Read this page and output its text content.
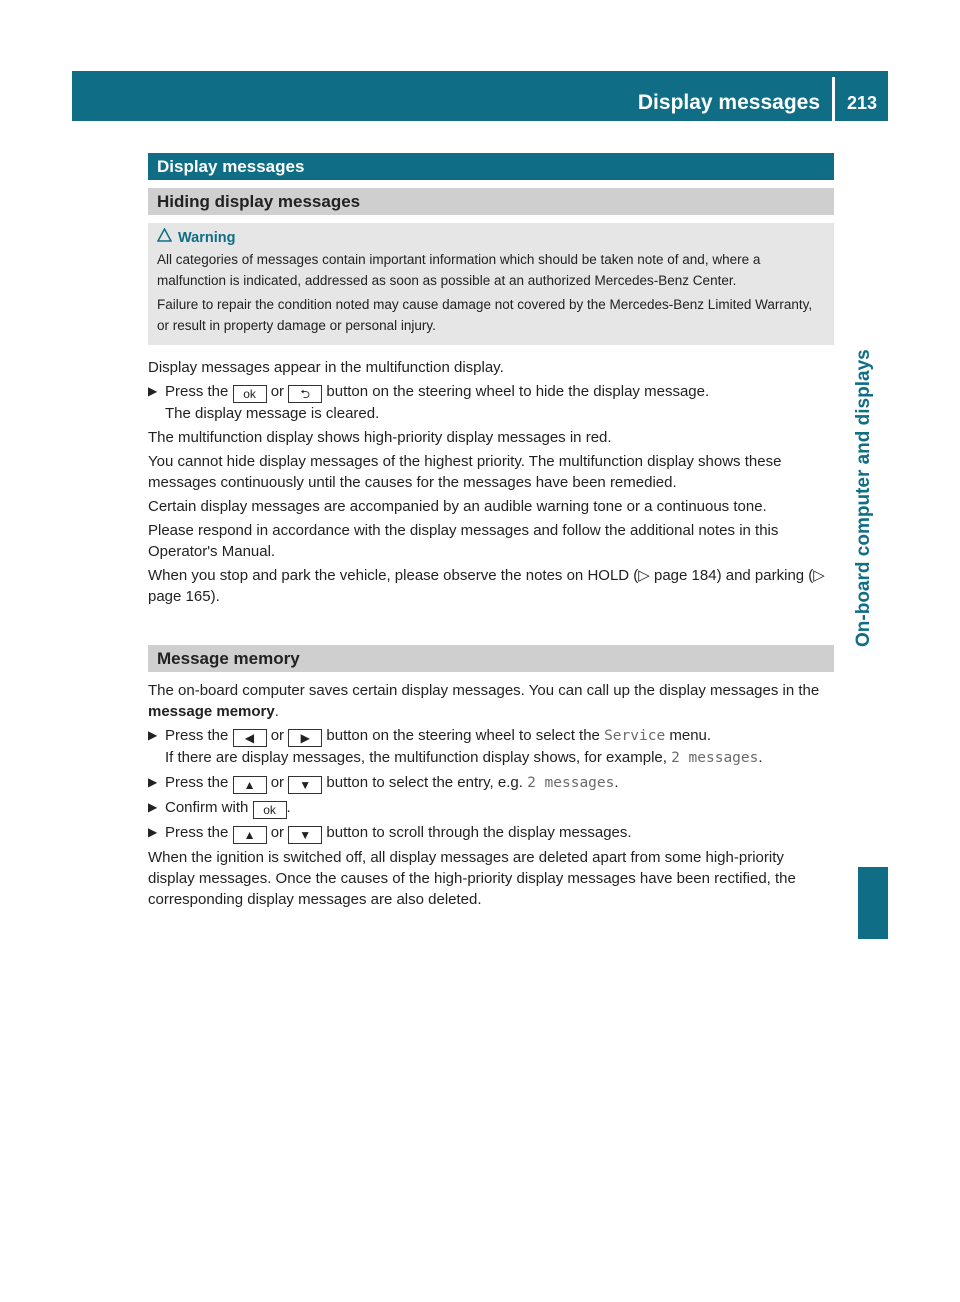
Display messages	213
On-board computer and displays
Display messages
Hiding display messages
Warning

All categories of messages contain important information which should be taken note of and, where a malfunction is indicated, addressed as soon as possible at an authorized Mercedes-Benz Center.

Failure to repair the condition noted may cause damage not covered by the Mercedes-Benz Limited Warranty, or result in property damage or personal injury.

Display messages appear in the multifunction display.

▶ Press the ok or ⮌ button on the steering wheel to hide the display message.
The display message is cleared.

The multifunction display shows high-priority display messages in red.

You cannot hide display messages of the highest priority. The multifunction display shows these messages continuously until the causes for the messages have been remedied.

Certain display messages are accompanied by an audible warning tone or a continuous tone.

Please respond in accordance with the display messages and follow the additional notes in this Operator's Manual.

When you stop and park the vehicle, please observe the notes on HOLD (▷ page 184) and parking (▷ page 165).

Message memory

The on-board computer saves certain display messages. You can call up the display messages in the message memory.

▶ Press the ◀ or ▶ button on the steering wheel to select the Service menu.
If there are display messages, the multifunction display shows, for example, 2 messages.
▶ Press the ▲ or ▼ button to select the entry, e.g. 2 messages.
▶ Confirm with ok .
▶ Press the ▲ or ▼ button to scroll through the display messages.

When the ignition is switched off, all display messages are deleted apart from some high-priority display messages. Once the causes of the high-priority display messages have been rectified, the corresponding display messages are also deleted.
